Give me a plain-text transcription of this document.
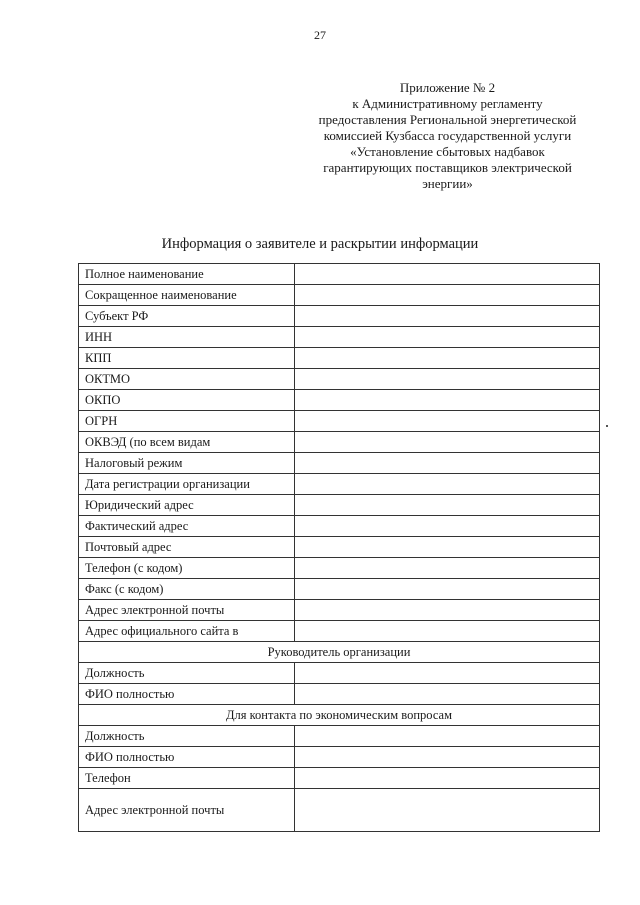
27
Приложение № 2
к Административному регламенту
предоставления Региональной энергетической
комиссией Кузбасса государственной услуги
«Установление сбытовых надбавок
гарантирующих поставщиков электрической
энергии»
Информация о заявителе и раскрытии информации
Полное наименование	
Сокращенное наименование	
Субъект РФ	
ИНН	
КПП	
ОКТМО	
ОКПО	
ОГРН	
ОКВЭД (по всем видам	
Налоговый режим	
Дата регистрации организации	
Юридический адрес	
Фактический адрес	
Почтовый адрес	
Телефон (с кодом)	
Факс (с кодом)	
Адрес электронной почты	
Адрес официального сайта в	
Руководитель организации	
Должность	
ФИО полностью	
Для контакта по экономическим вопросам	
Должность	
ФИО полностью	
Телефон	
Адрес электронной почты	
